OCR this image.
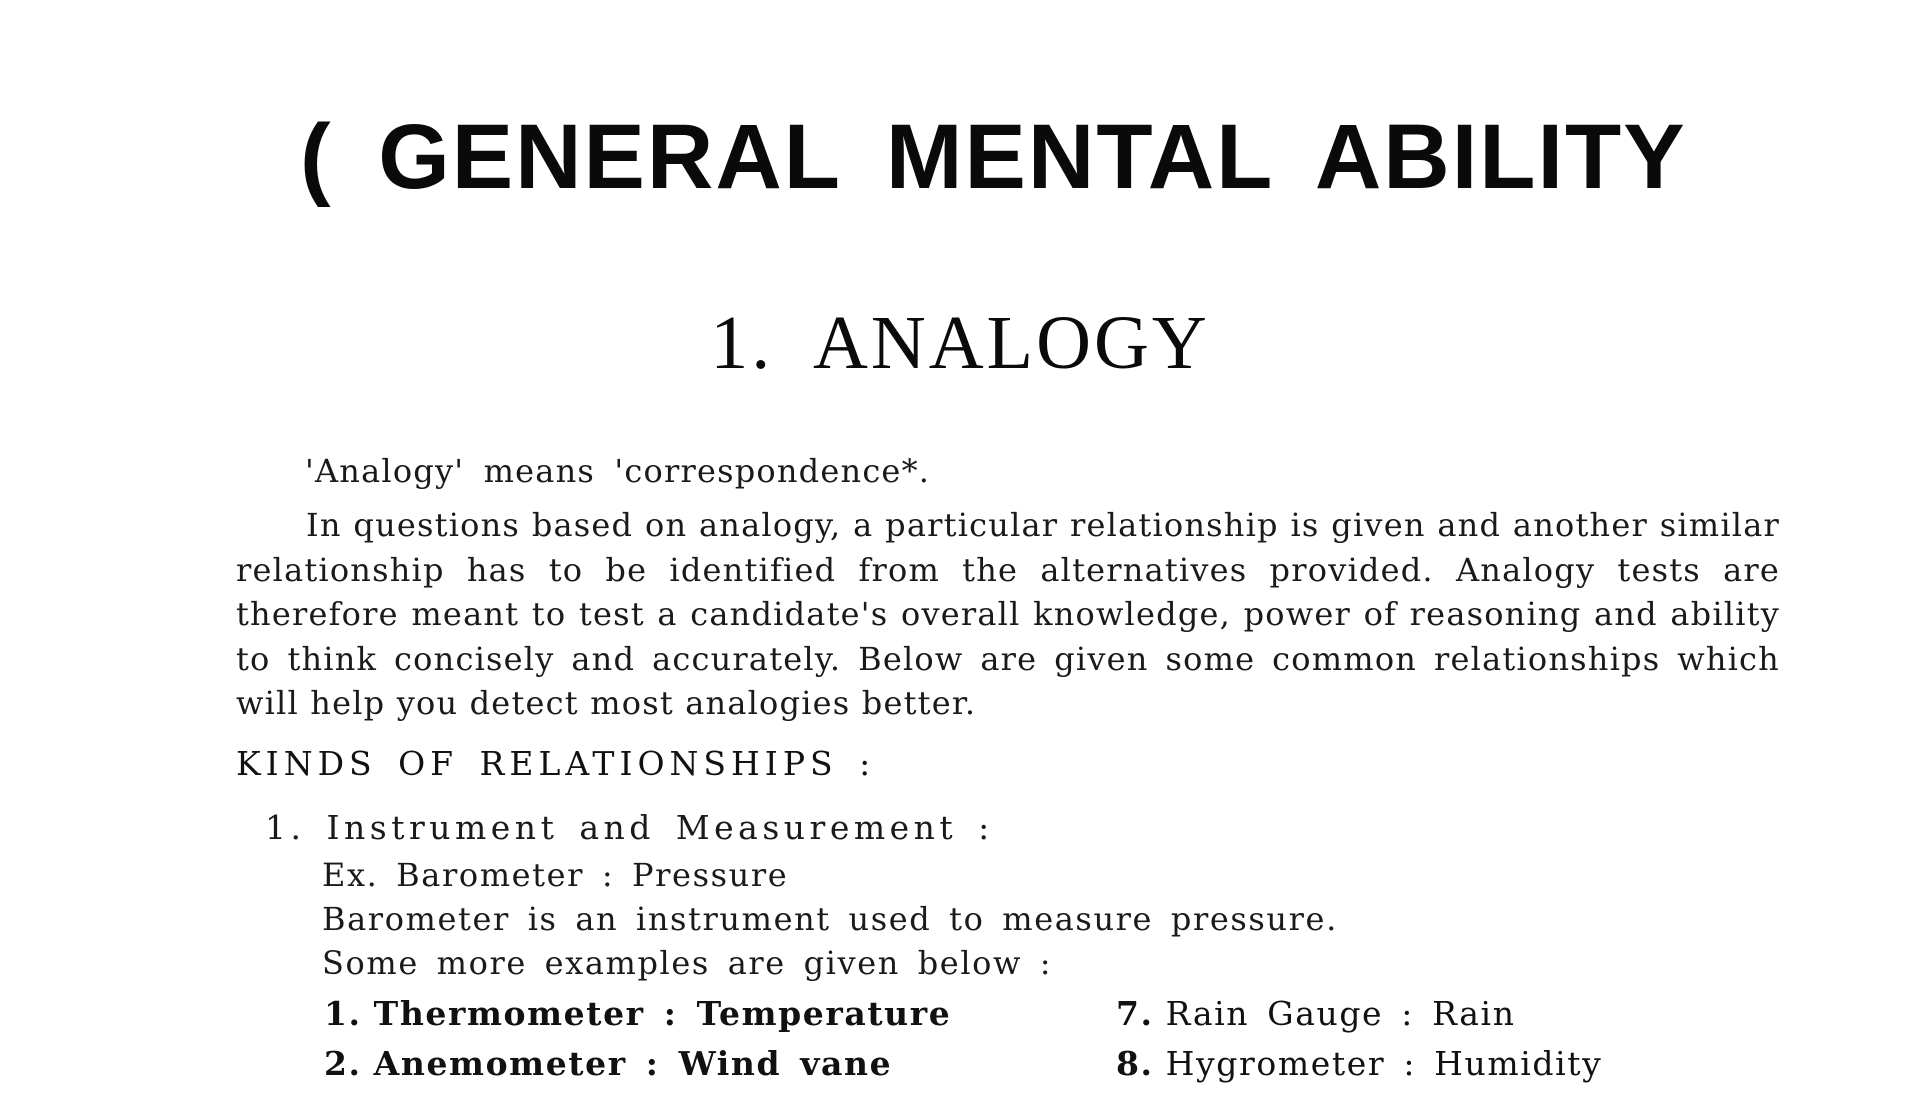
( GENERAL MENTAL ABILITY
1. ANALOGY
'Analogy' means 'correspondence*.

In questions based on analogy, a particular relationship is given and another similar relationship has to be identified from the alternatives provided. Analogy tests are therefore meant to test a candidate's overall knowledge, power of reasoning and ability to think concisely and accurately. Below are given some common relationships which will help you detect most analogies better.

KINDS OF RELATIONSHIPS :
1. Instrument and Measurement :
Ex. Barometer : Pressure
Barometer is an instrument used to measure pressure.
Some more examples are given below :
1. Thermometer : Temperature
2. Anemometer : Wind vane
7. Rain Gauge : Rain
8. Hygrometer : Humidity
